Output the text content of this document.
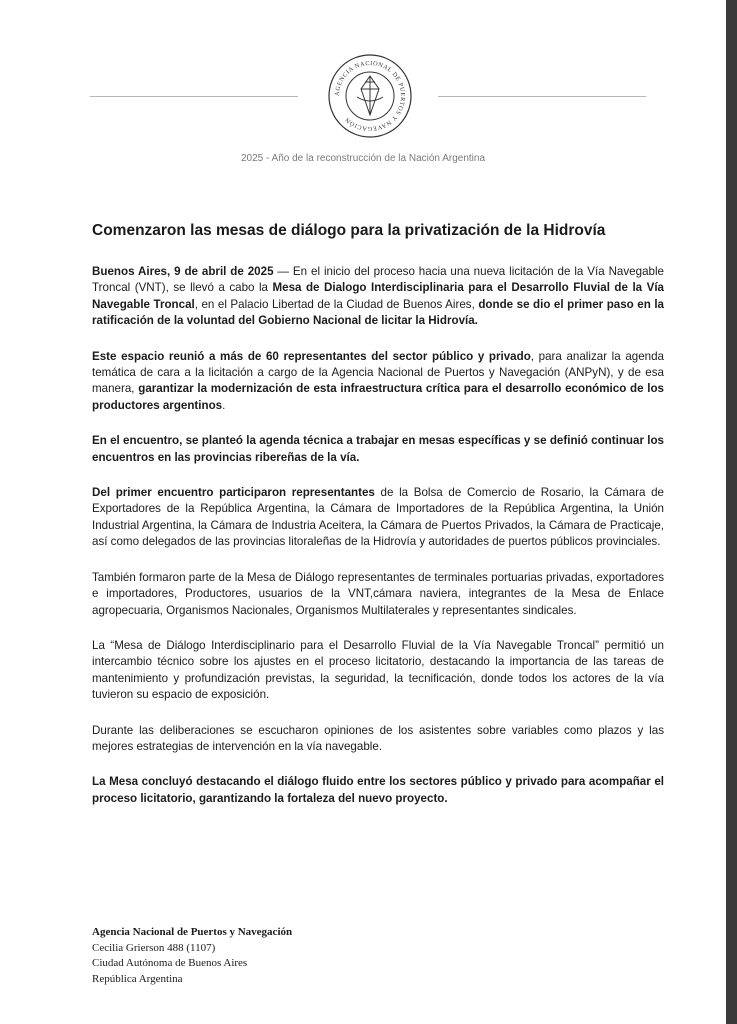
AGENCIA NACIONAL DE PUERTOS Y NAVEGACIÓN
2025 - Año de la reconstrucción de la Nación Argentina
Comenzaron las mesas de diálogo para la privatización de la Hidrovía

Buenos Aires, 9 de abril de 2025 — En el inicio del proceso hacia una nueva licitación de la Vía Navegable Troncal (VNT), se llevó a cabo la Mesa de Dialogo Interdisciplinaria para el Desarrollo Fluvial de la Vía Navegable Troncal, en el Palacio Libertad de la Ciudad de Buenos Aires, donde se dio el primer paso en la ratificación de la voluntad del Gobierno Nacional de licitar la Hidrovía.

Este espacio reunió a más de 60 representantes del sector público y privado, para analizar la agenda temática de cara a la licitación a cargo de la Agencia Nacional de Puertos y Navegación (ANPyN), y de esa manera, garantizar la modernización de esta infraestructura crítica para el desarrollo económico de los productores argentinos.

En el encuentro, se planteó la agenda técnica a trabajar en mesas específicas y se definió continuar los encuentros en las provincias ribereñas de la vía.

Del primer encuentro participaron representantes de la Bolsa de Comercio de Rosario, la Cámara de Exportadores de la República Argentina, la Cámara de Importadores de la República Argentina, la Unión Industrial Argentina, la Cámara de Industria Aceitera, la Cámara de Puertos Privados, la Cámara de Practicaje, así como delegados de las provincias litoraleñas de la Hidrovía y autoridades de puertos públicos provinciales.

También formaron parte de la Mesa de Diálogo representantes de terminales portuarias privadas, exportadores e importadores, Productores, usuarios de la VNT,cámara naviera, integrantes de la Mesa de Enlace agropecuaria, Organismos Nacionales, Organismos Multilaterales y representantes sindicales.

La “Mesa de Diálogo Interdisciplinario para el Desarrollo Fluvial de la Vía Navegable Troncal” permitió un intercambio técnico sobre los ajustes en el proceso licitatorio, destacando la importancia de las tareas de mantenimiento y profundización previstas, la seguridad, la tecnificación, donde todos los actores de la vía tuvieron su espacio de exposición.

Durante las deliberaciones se escucharon opiniones de los asistentes sobre variables como plazos y las mejores estrategias de intervención en la vía navegable.

La Mesa concluyó destacando el diálogo fluido entre los sectores público y privado para acompañar el proceso licitatorio, garantizando la fortaleza del nuevo proyecto.

Agencia Nacional de Puertos y Navegación
Cecilia Grierson 488 (1107)
Ciudad Autónoma de Buenos Aires
República Argentina
